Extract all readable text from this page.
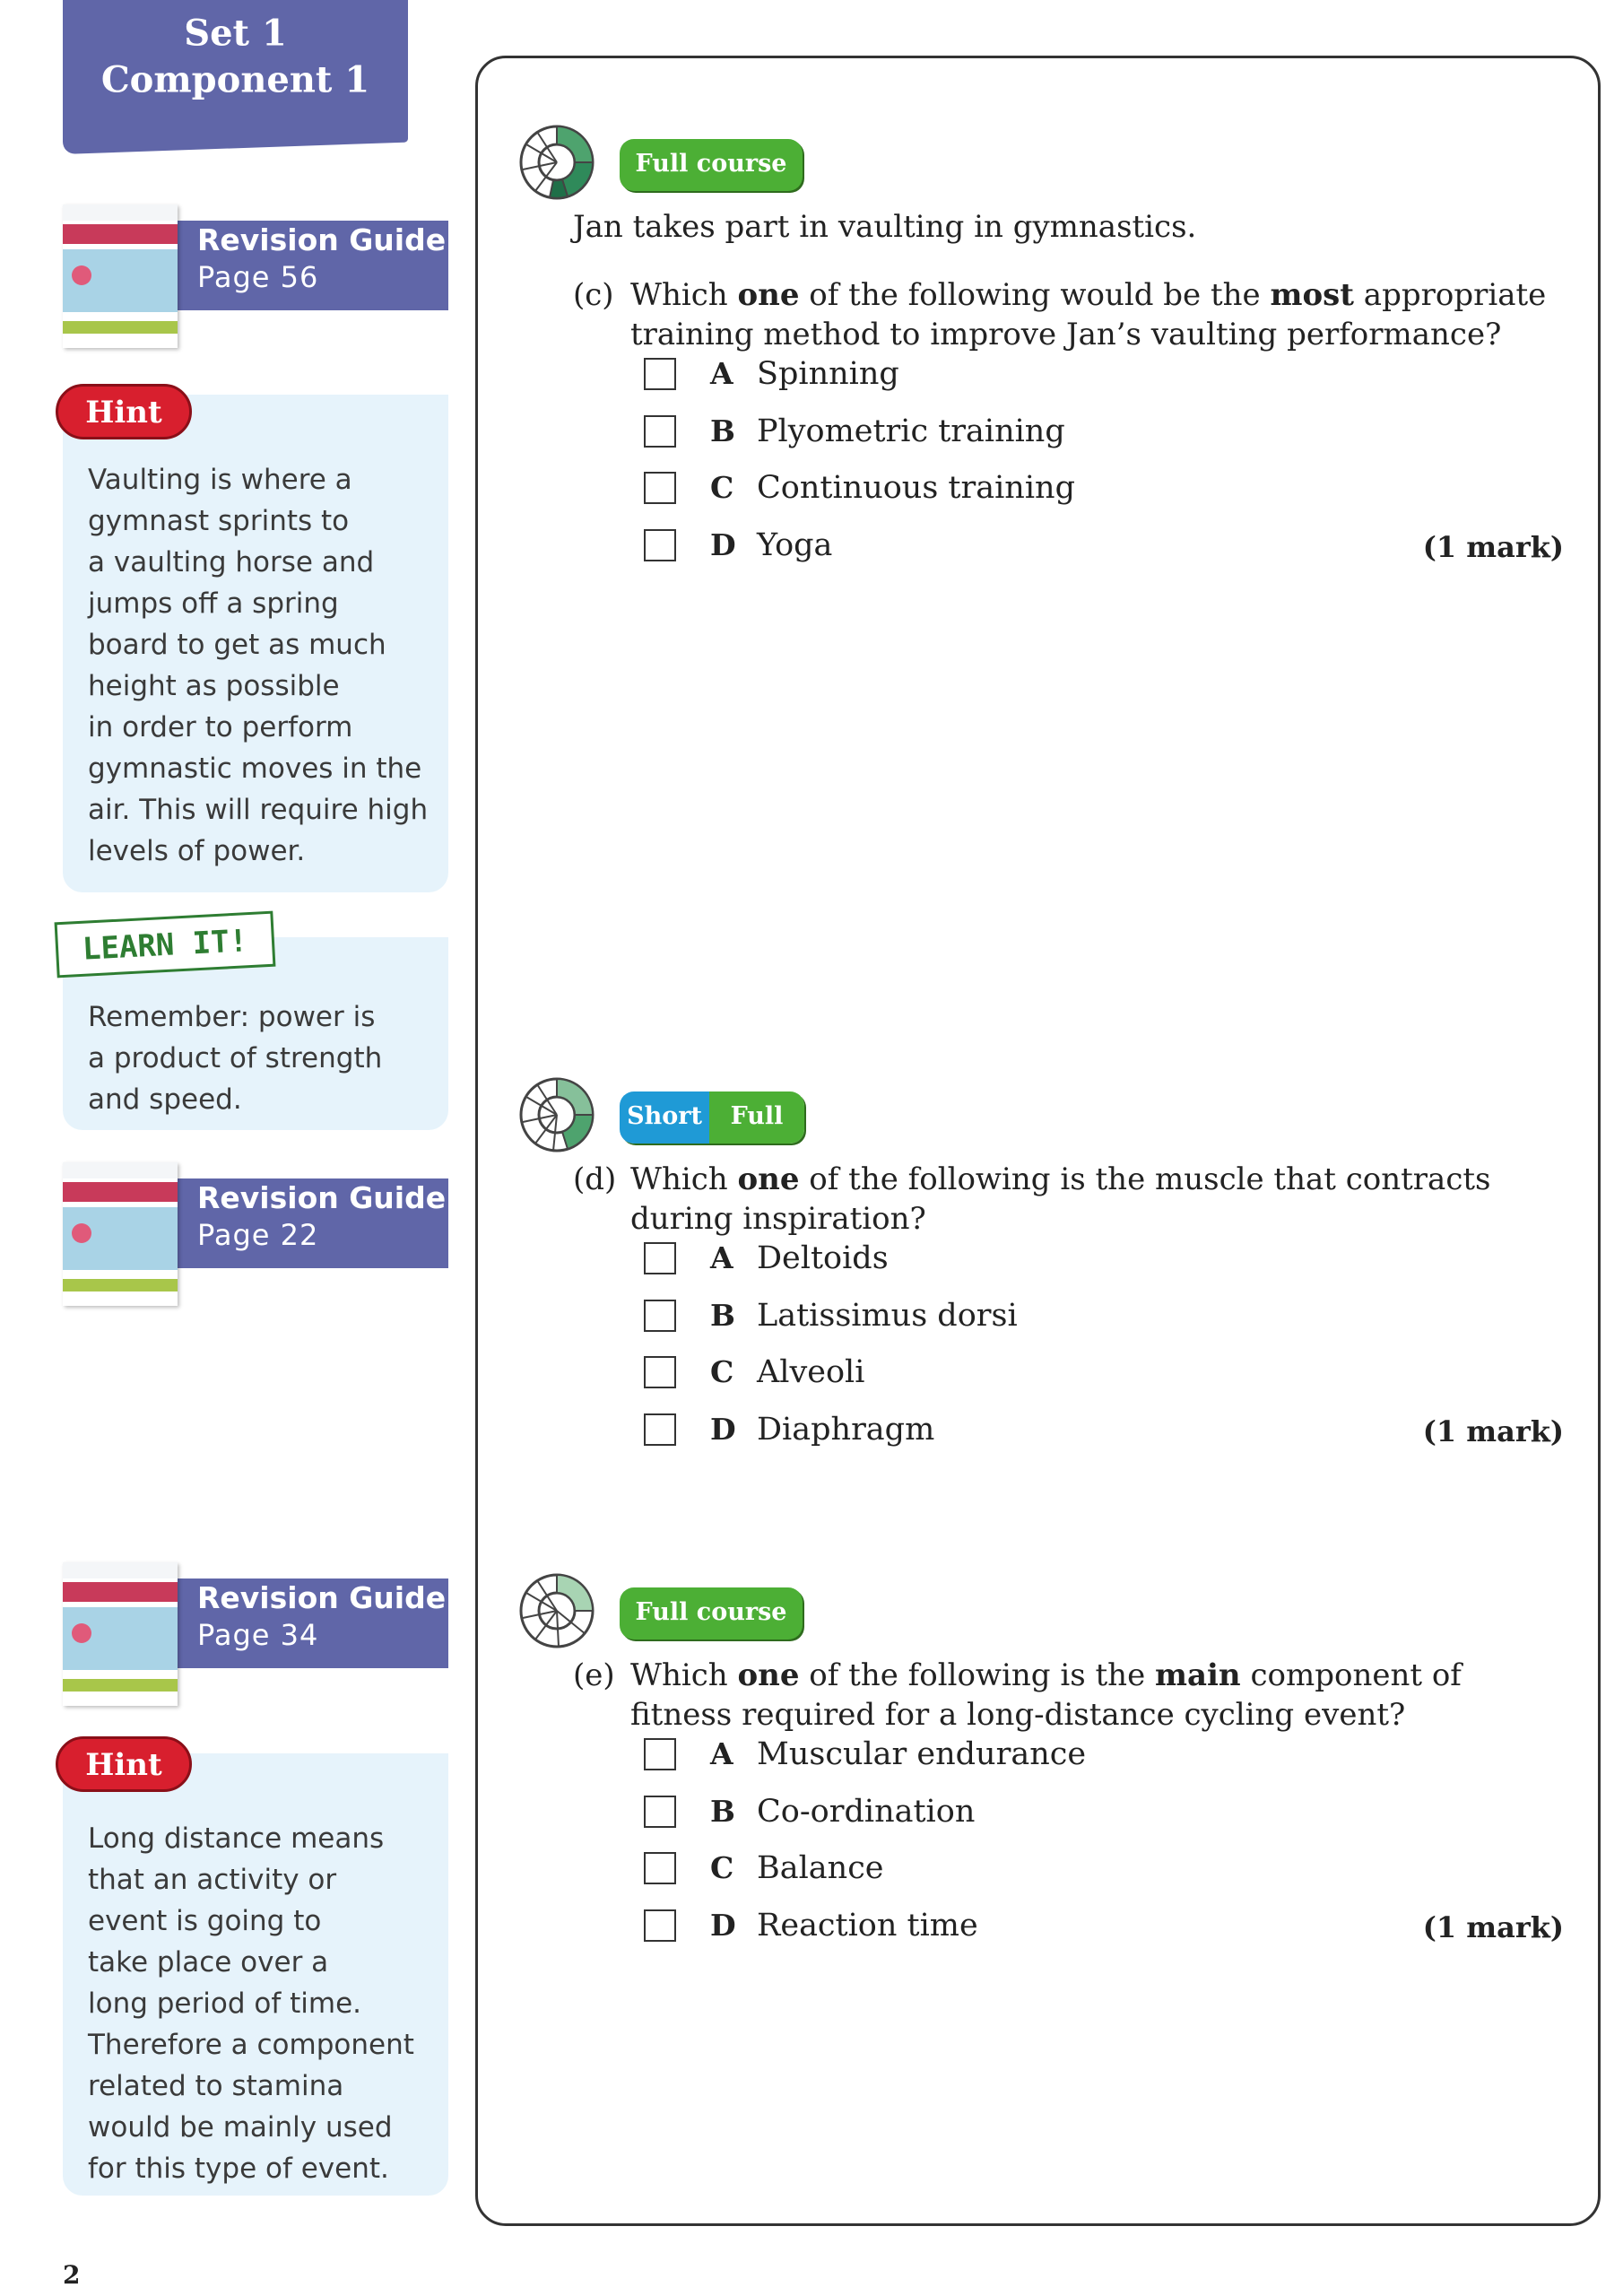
Set 1
Component 1
Revision Guide
Page 56
Vaulting is where a
gymnast sprints to
a vaulting horse and
jumps off a spring
board to get as much
height as possible
in order to perform
gymnastic moves in the
air. This will require high
levels of power.
Hint
Remember: power is
a product of strength
and speed.
LEARN IT!
Revision Guide
Page 22
Revision Guide
Page 34
Long distance means
that an activity or
event is going to
take place over a
long period of time.
Therefore a component
related to stamina
would be mainly used
for this type of event.
Hint
2
Full course
Jan takes part in vaulting in gymnastics.
(c) Which one of the following would be the most appropriate training method to improve Jan’s vaulting performance?
A Spinning
B Plyometric training
C Continuous training
D Yoga	(1 mark)
Short	Full
(d) Which one of the following is the muscle that contracts during inspiration?
A Deltoids
B Latissimus dorsi
C Alveoli
D Diaphragm	(1 mark)
Full course
(e) Which one of the following is the main component of fitness required for a long-distance cycling event?
A Muscular endurance
B Co-ordination
C Balance
D Reaction time	(1 mark)
